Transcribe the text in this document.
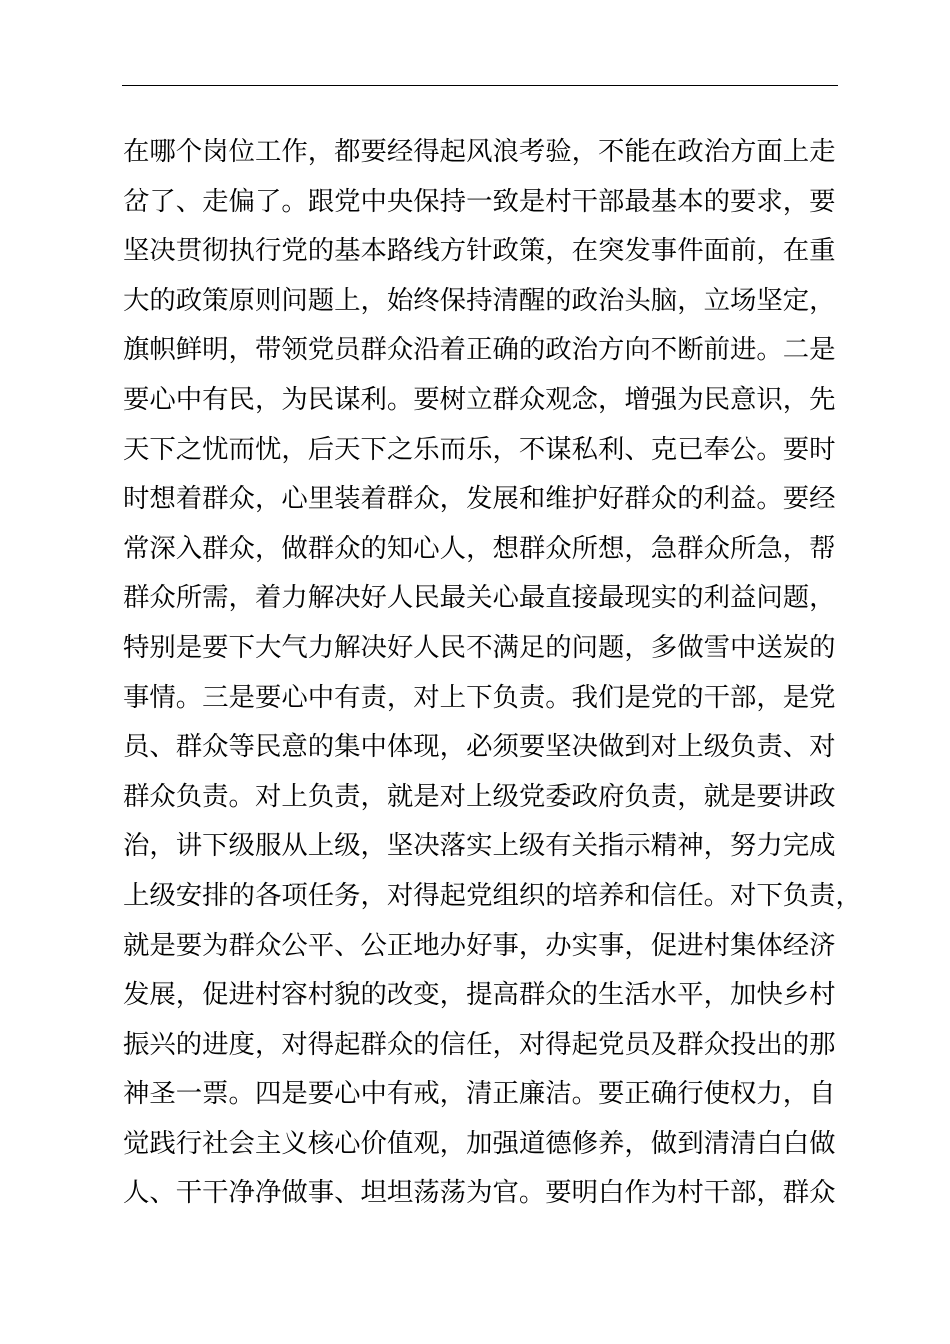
在哪个岗位工作，都要经得起风浪考验，不能在政治方面上走
岔了、走偏了。跟党中央保持一致是村干部最基本的要求，要
坚决贯彻执行党的基本路线方针政策，在突发事件面前，在重
大的政策原则问题上，始终保持清醒的政治头脑，立场坚定，
旗帜鲜明，带领党员群众沿着正确的政治方向不断前进。二是
要心中有民，为民谋利。要树立群众观念，增强为民意识，先
天下之忧而忧，后天下之乐而乐，不谋私利、克已奉公。要时
时想着群众，心里装着群众，发展和维护好群众的利益。要经
常深入群众，做群众的知心人，想群众所想，急群众所急，帮
群众所需，着力解决好人民最关心最直接最现实的利益问题，
特别是要下大气力解决好人民不满足的问题，多做雪中送炭的
事情。三是要心中有责，对上下负责。我们是党的干部，是党
员、群众等民意的集中体现，必须要坚决做到对上级负责、对
群众负责。对上负责，就是对上级党委政府负责，就是要讲政
治，讲下级服从上级，坚决落实上级有关指示精神，努力完成
上级安排的各项任务，对得起党组织的培养和信任。对下负责，
就是要为群众公平、公正地办好事，办实事，促进村集体经济
发展，促进村容村貌的改变，提高群众的生活水平，加快乡村
振兴的进度，对得起群众的信任，对得起党员及群众投出的那
神圣一票。四是要心中有戒，清正廉洁。要正确行使权力，自
觉践行社会主义核心价值观，加强道德修养，做到清清白白做
人、干干净净做事、坦坦荡荡为官。要明白作为村干部，群众
